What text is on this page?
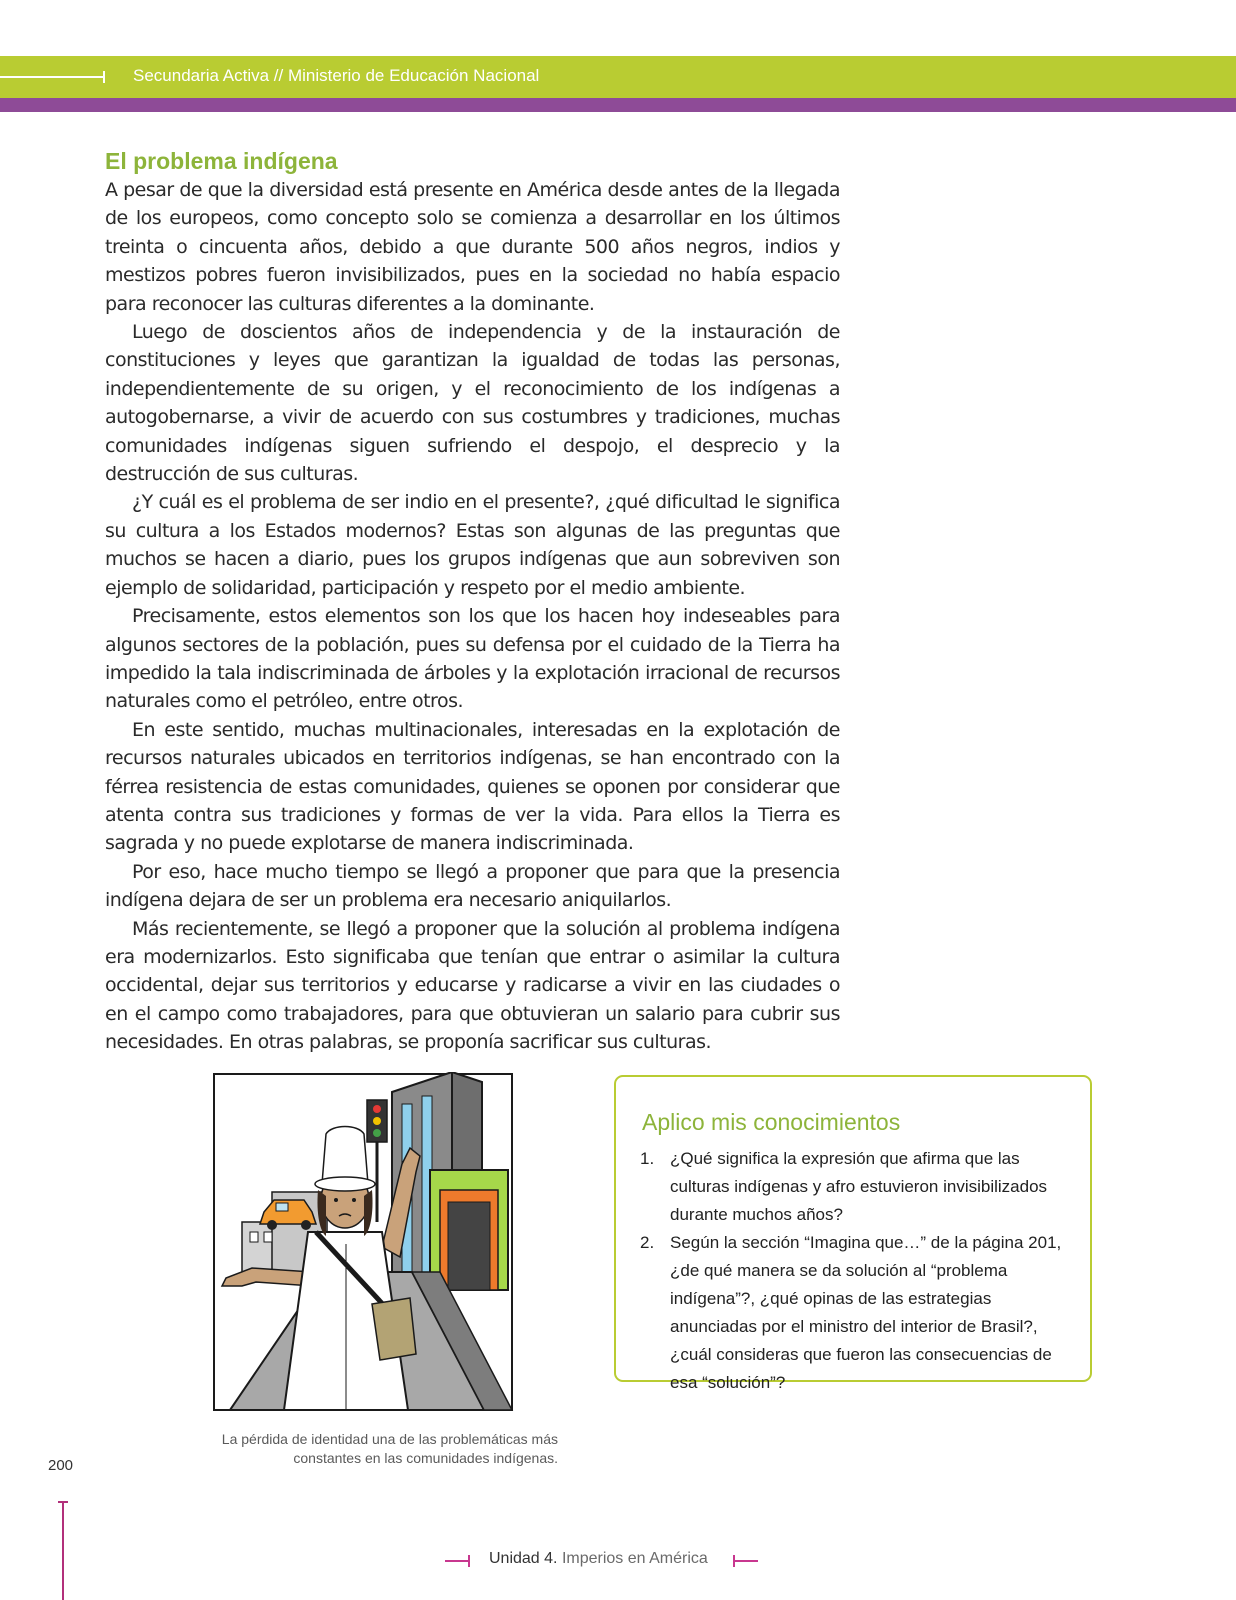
Secundaria Activa // Ministerio de Educación Nacional
El problema indígena

A pesar de que la diversidad está presente en América desde antes de la llegada de los europeos, como concepto solo se comienza a desarrollar en los últimos treinta o cincuenta años, debido a que durante 500 años negros, indios y mestizos pobres fueron invisibilizados, pues en la sociedad no había espacio para reconocer las culturas diferentes a la dominante.

Luego de doscientos años de independencia y de la instauración de constituciones y leyes que garantizan la igualdad de todas las personas, independientemente de su origen, y el reconocimiento de los indígenas a autogobernarse, a vivir de acuerdo con sus costumbres y tradiciones, muchas comunidades indígenas siguen sufriendo el despojo, el desprecio y la destrucción de sus culturas.

¿Y cuál es el problema de ser indio en el presente?, ¿qué dificultad le significa su cultura a los Estados modernos? Estas son algunas de las preguntas que muchos se hacen a diario, pues los grupos indígenas que aun sobreviven son ejemplo de solidaridad, participación y respeto por el medio ambiente.

Precisamente, estos elementos son los que los hacen hoy indeseables para algunos sectores de la población, pues su defensa por el cuidado de la Tierra ha impedido la tala indiscriminada de árboles y la explotación irracional de recursos naturales como el petróleo, entre otros.

En este sentido, muchas multinacionales, interesadas en la explotación de recursos naturales ubicados en territorios indígenas, se han encontrado con la férrea resistencia de estas comunidades, quienes se oponen por considerar que atenta contra sus tradiciones y formas de ver la vida. Para ellos la Tierra es sagrada y no puede explotarse de manera indiscriminada.

Por eso, hace mucho tiempo se llegó a proponer que para que la presencia indígena dejara de ser un problema era necesario aniquilarlos.

Más recientemente, se llegó a proponer que la solución al problema indígena era modernizarlos. Esto significaba que tenían que entrar o asimilar la cultura occidental, dejar sus territorios y educarse y radicarse a vivir en las ciudades o en el campo como trabajadores, para que obtuvieran un salario para cubrir sus necesidades. En otras palabras, se proponía sacrificar sus culturas.

La pérdida de identidad una de las problemáticas más constantes en las comunidades indígenas.
200
Aplico mis conocimientos
1. ¿Qué significa la expresión que afirma que las culturas indígenas y afro estuvieron invisibilizados durante muchos años?
2. Según la sección “Imagina que…” de la página 201, ¿de qué manera se da solución al “problema indígena”?, ¿qué opinas de las estrategias anunciadas por el ministro del interior de Brasil?, ¿cuál consideras que fueron las consecuencias de esa “solución”?
Unidad 4. Imperios en América
